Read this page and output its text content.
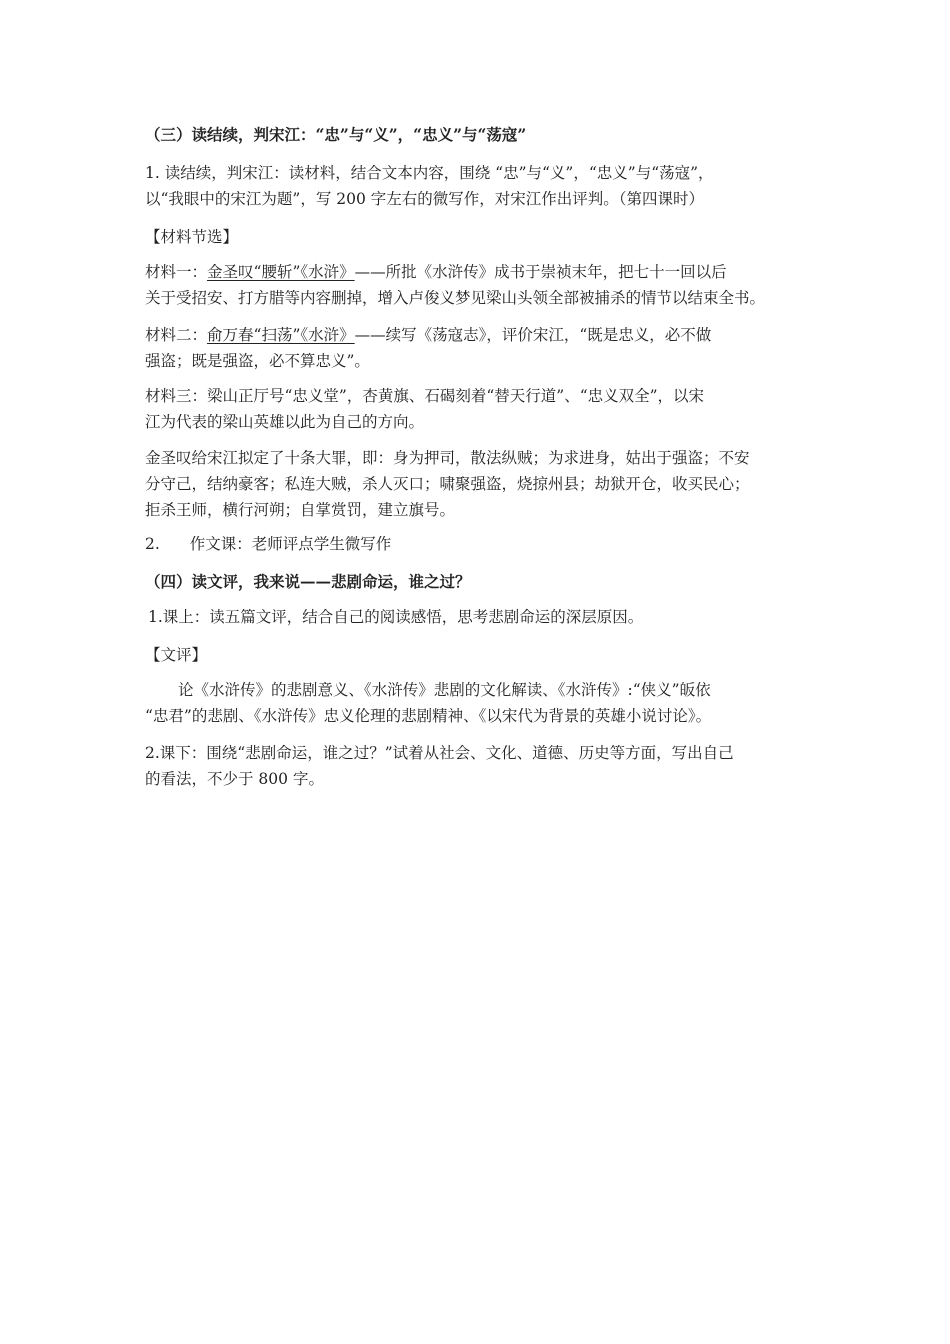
（三）读结续，判宋江：“忠”与“义”，“忠义”与“荡寇”
1. 读结续，判宋江：读材料，结合文本内容，围绕 “忠”与“义”，“忠义”与“荡寇”，
以“我眼中的宋江为题”，写 200 字左右的微写作，对宋江作出评判。（第四课时）
【材料节选】
材料一：金圣叹“腰斩”《水浒》——所批《水浒传》成书于崇祯末年，把七十一回以后
关于受招安、打方腊等内容删掉，增入卢俊义梦见梁山头领全部被捕杀的情节以结束全书。
材料二：俞万春“扫荡”《水浒》——续写《荡寇志》，评价宋江，“既是忠义，必不做
强盗；既是强盗，必不算忠义”。
材料三：梁山正厅号“忠义堂”，杏黄旗、石碣刻着“替天行道”、“忠义双全”，以宋
江为代表的梁山英雄以此为自己的方向。
金圣叹给宋江拟定了十条大罪，即：身为押司，散法纵贼；为求进身，姑出于强盗；不安
分守己，结纳豪客；私连大贼，杀人灭口；啸聚强盗，烧掠州县；劫狱开仓，收买民心；
拒杀王师，横行河朔；自掌赏罚，建立旗号。
2. 作文课：老师评点学生微写作
（四）读文评，我来说——悲剧命运，谁之过？
1.课上：读五篇文评，结合自己的阅读感悟，思考悲剧命运的深层原因。
【文评】
论《水浒传》的悲剧意义、《水浒传》悲剧的文化解读、《水浒传》:“侠义”皈依
“忠君”的悲剧、《水浒传》忠义伦理的悲剧精神、《以宋代为背景的英雄小说讨论》。
2.课下：围绕“悲剧命运，谁之过？”试着从社会、文化、道德、历史等方面，写出自己
的看法，不少于 800 字。
